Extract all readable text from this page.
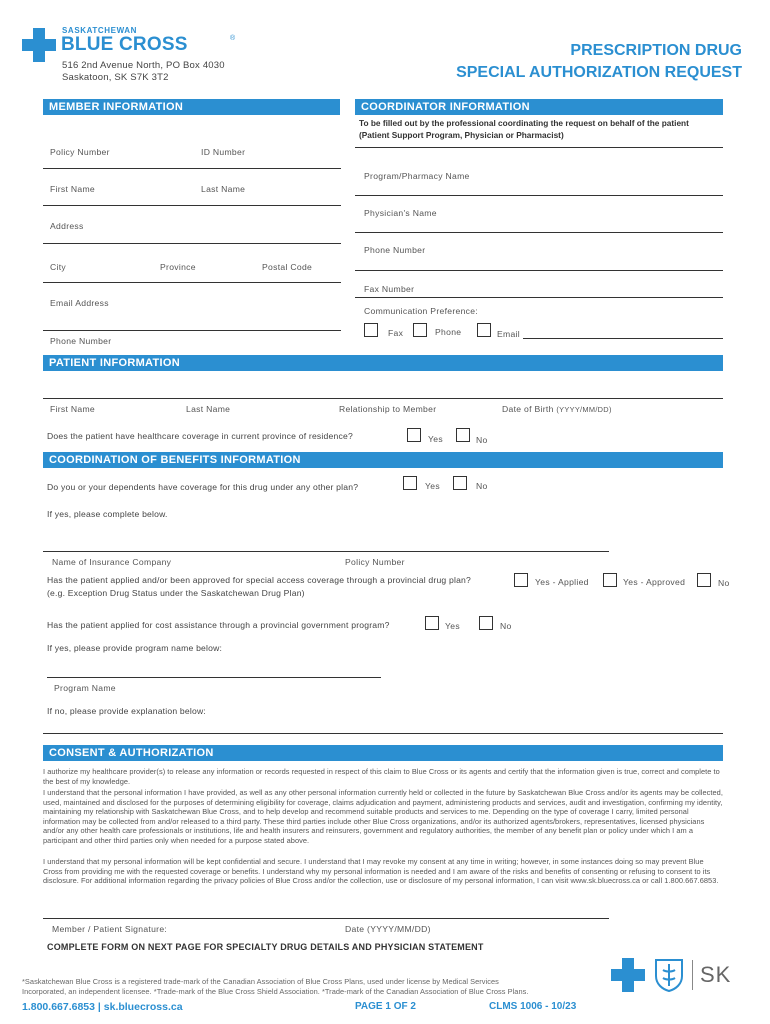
SASKATCHEWAN
BLUE CROSS	®
516 2nd Avenue North, PO Box 4030
Saskatoon, SK S7K 3T2
PRESCRIPTION DRUG
SPECIAL AUTHORIZATION REQUEST
MEMBER INFORMATION
Policy Number	ID Number
First Name	Last Name
Address
City	Province	Postal Code
Email Address
Phone Number
COORDINATOR INFORMATION
To be filled out by the professional coordinating the request on behalf of the patient (Patient Support Program, Physician or Pharmacist)
Program/Pharmacy Name
Physician's Name
Phone Number
Fax Number
Communication Preference:
Fax	Phone	Email
PATIENT INFORMATION
First Name	Last Name	Relationship to Member	Date of Birth (YYYY/MM/DD)
Does the patient have healthcare coverage in current province of residence?	Yes	No
COORDINATION OF BENEFITS INFORMATION
Do you or your dependents have coverage for this drug under any other plan?	Yes	No
If yes, please complete below.
Name of Insurance Company	Policy Number
Has the patient applied and/or been approved for special access coverage through a provincial drug plan?
(e.g. Exception Drug Status under the Saskatchewan Drug Plan)
Yes - Applied	Yes - Approved	No
Has the patient applied for cost assistance through a provincial government program?	Yes	No
If yes, please provide program name below:
Program Name
If no, please provide explanation below:
CONSENT & AUTHORIZATION
I authorize my healthcare provider(s) to release any information or records requested in respect of this claim to Blue Cross or its agents and certify that the information given is true, correct and complete to the best of my knowledge.
I understand that the personal information I have provided, as well as any other personal information currently held or collected in the future by Saskatchewan Blue Cross and/or its agents may be collected, used, maintained and disclosed for the purposes of determining eligibility for coverage, claims adjudication and payment, administering products and services, audit and investigation, confirming my identity, maintaining my relationship with Saskatchewan Blue Cross, and to help develop and recommend suitable products and services to me. Depending on the type of coverage I carry, limited personal information may be collected from and/or released to a third party. These third parties include other Blue Cross organizations, and/or its authorized agents/brokers, representatives, licensed physicians and/or any other health care professionals or institutions, life and health insurers and reinsurers, government and regulatory authorities, the member of any benefit plan or policy under which I am a participant and other third parties only when needed for a purpose stated above.
I understand that my personal information will be kept confidential and secure. I understand that I may revoke my consent at any time in writing; however, in some instances doing so may prevent Blue Cross from providing me with the requested coverage or benefits. I understand why my personal information is needed and I am aware of the risks and benefits of consenting or refusing to consent to its disclosure. For additional information regarding the privacy policies of Blue Cross and/or the collection, use or disclosure of my personal information, I can visit www.sk.bluecross.ca or call 1.800.667.6853.
Member / Patient Signature:	Date (YYYY/MM/DD)
COMPLETE FORM ON NEXT PAGE FOR SPECIALTY DRUG DETAILS AND PHYSICIAN STATEMENT
*Saskatchewan Blue Cross is a registered trade-mark of the Canadian Association of Blue Cross Plans, used under license by Medical Services
Incorporated, an independent licensee. *Trade-mark of the Blue Cross Shield Association. *Trade-mark of the Canadian Association of Blue Cross Plans.
1.800.667.6853 | sk.bluecross.ca	PAGE 1 OF 2	CLMS 1006 - 10/23
SK
